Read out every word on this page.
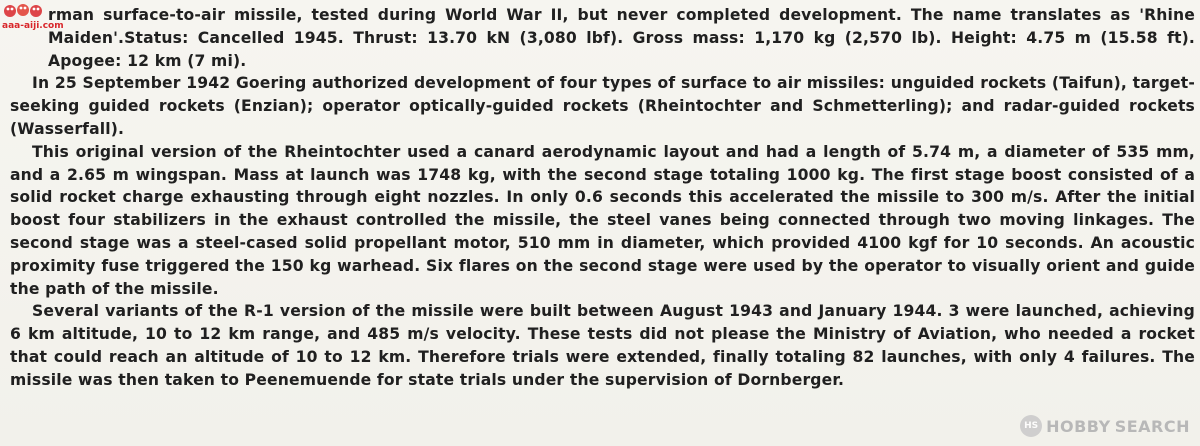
aaa-aiji.com

rman surface-to-air missile, tested during World War II, but never completed development. The name translates as 'Rhine Maiden'.Status: Cancelled 1945. Thrust: 13.70 kN (3,080 lbf). Gross mass: 1,170 kg (2,570 lb). Height: 4.75 m (15.58 ft). Apogee: 12 km (7 mi).

In 25 September 1942 Goering authorized development of four types of surface to air missiles: unguided rockets (Taifun), target-seeking guided rockets (Enzian); operator optically-guided rockets (Rheintochter and Schmetterling); and radar-guided rockets (Wasserfall).

This original version of the Rheintochter used a canard aerodynamic layout and had a length of 5.74 m, a diameter of 535 mm, and a 2.65 m wingspan. Mass at launch was 1748 kg, with the second stage totaling 1000 kg. The first stage boost consisted of a solid rocket charge exhausting through eight nozzles. In only 0.6 seconds this accelerated the missile to 300 m/s. After the initial boost four stabilizers in the exhaust controlled the missile, the steel vanes being connected through two moving linkages. The second stage was a steel-cased solid propellant motor, 510 mm in diameter, which provided 4100 kgf for 10 seconds. An acoustic proximity fuse triggered the 150 kg warhead. Six flares on the second stage were used by the operator to visually orient and guide the path of the missile.

Several variants of the R-1 version of the missile were built between August 1943 and January 1944. 3 were launched, achieving 6 km altitude, 10 to 12 km range, and 485 m/s velocity. These tests did not please the Ministry of Aviation, who needed a rocket that could reach an altitude of 10 to 12 km. Therefore trials were extended, finally totaling 82 launches, with only 4 failures. The missile was then taken to Peenemuende for state trials under the supervision of Dornberger.

HS HOBBY SEARCH
